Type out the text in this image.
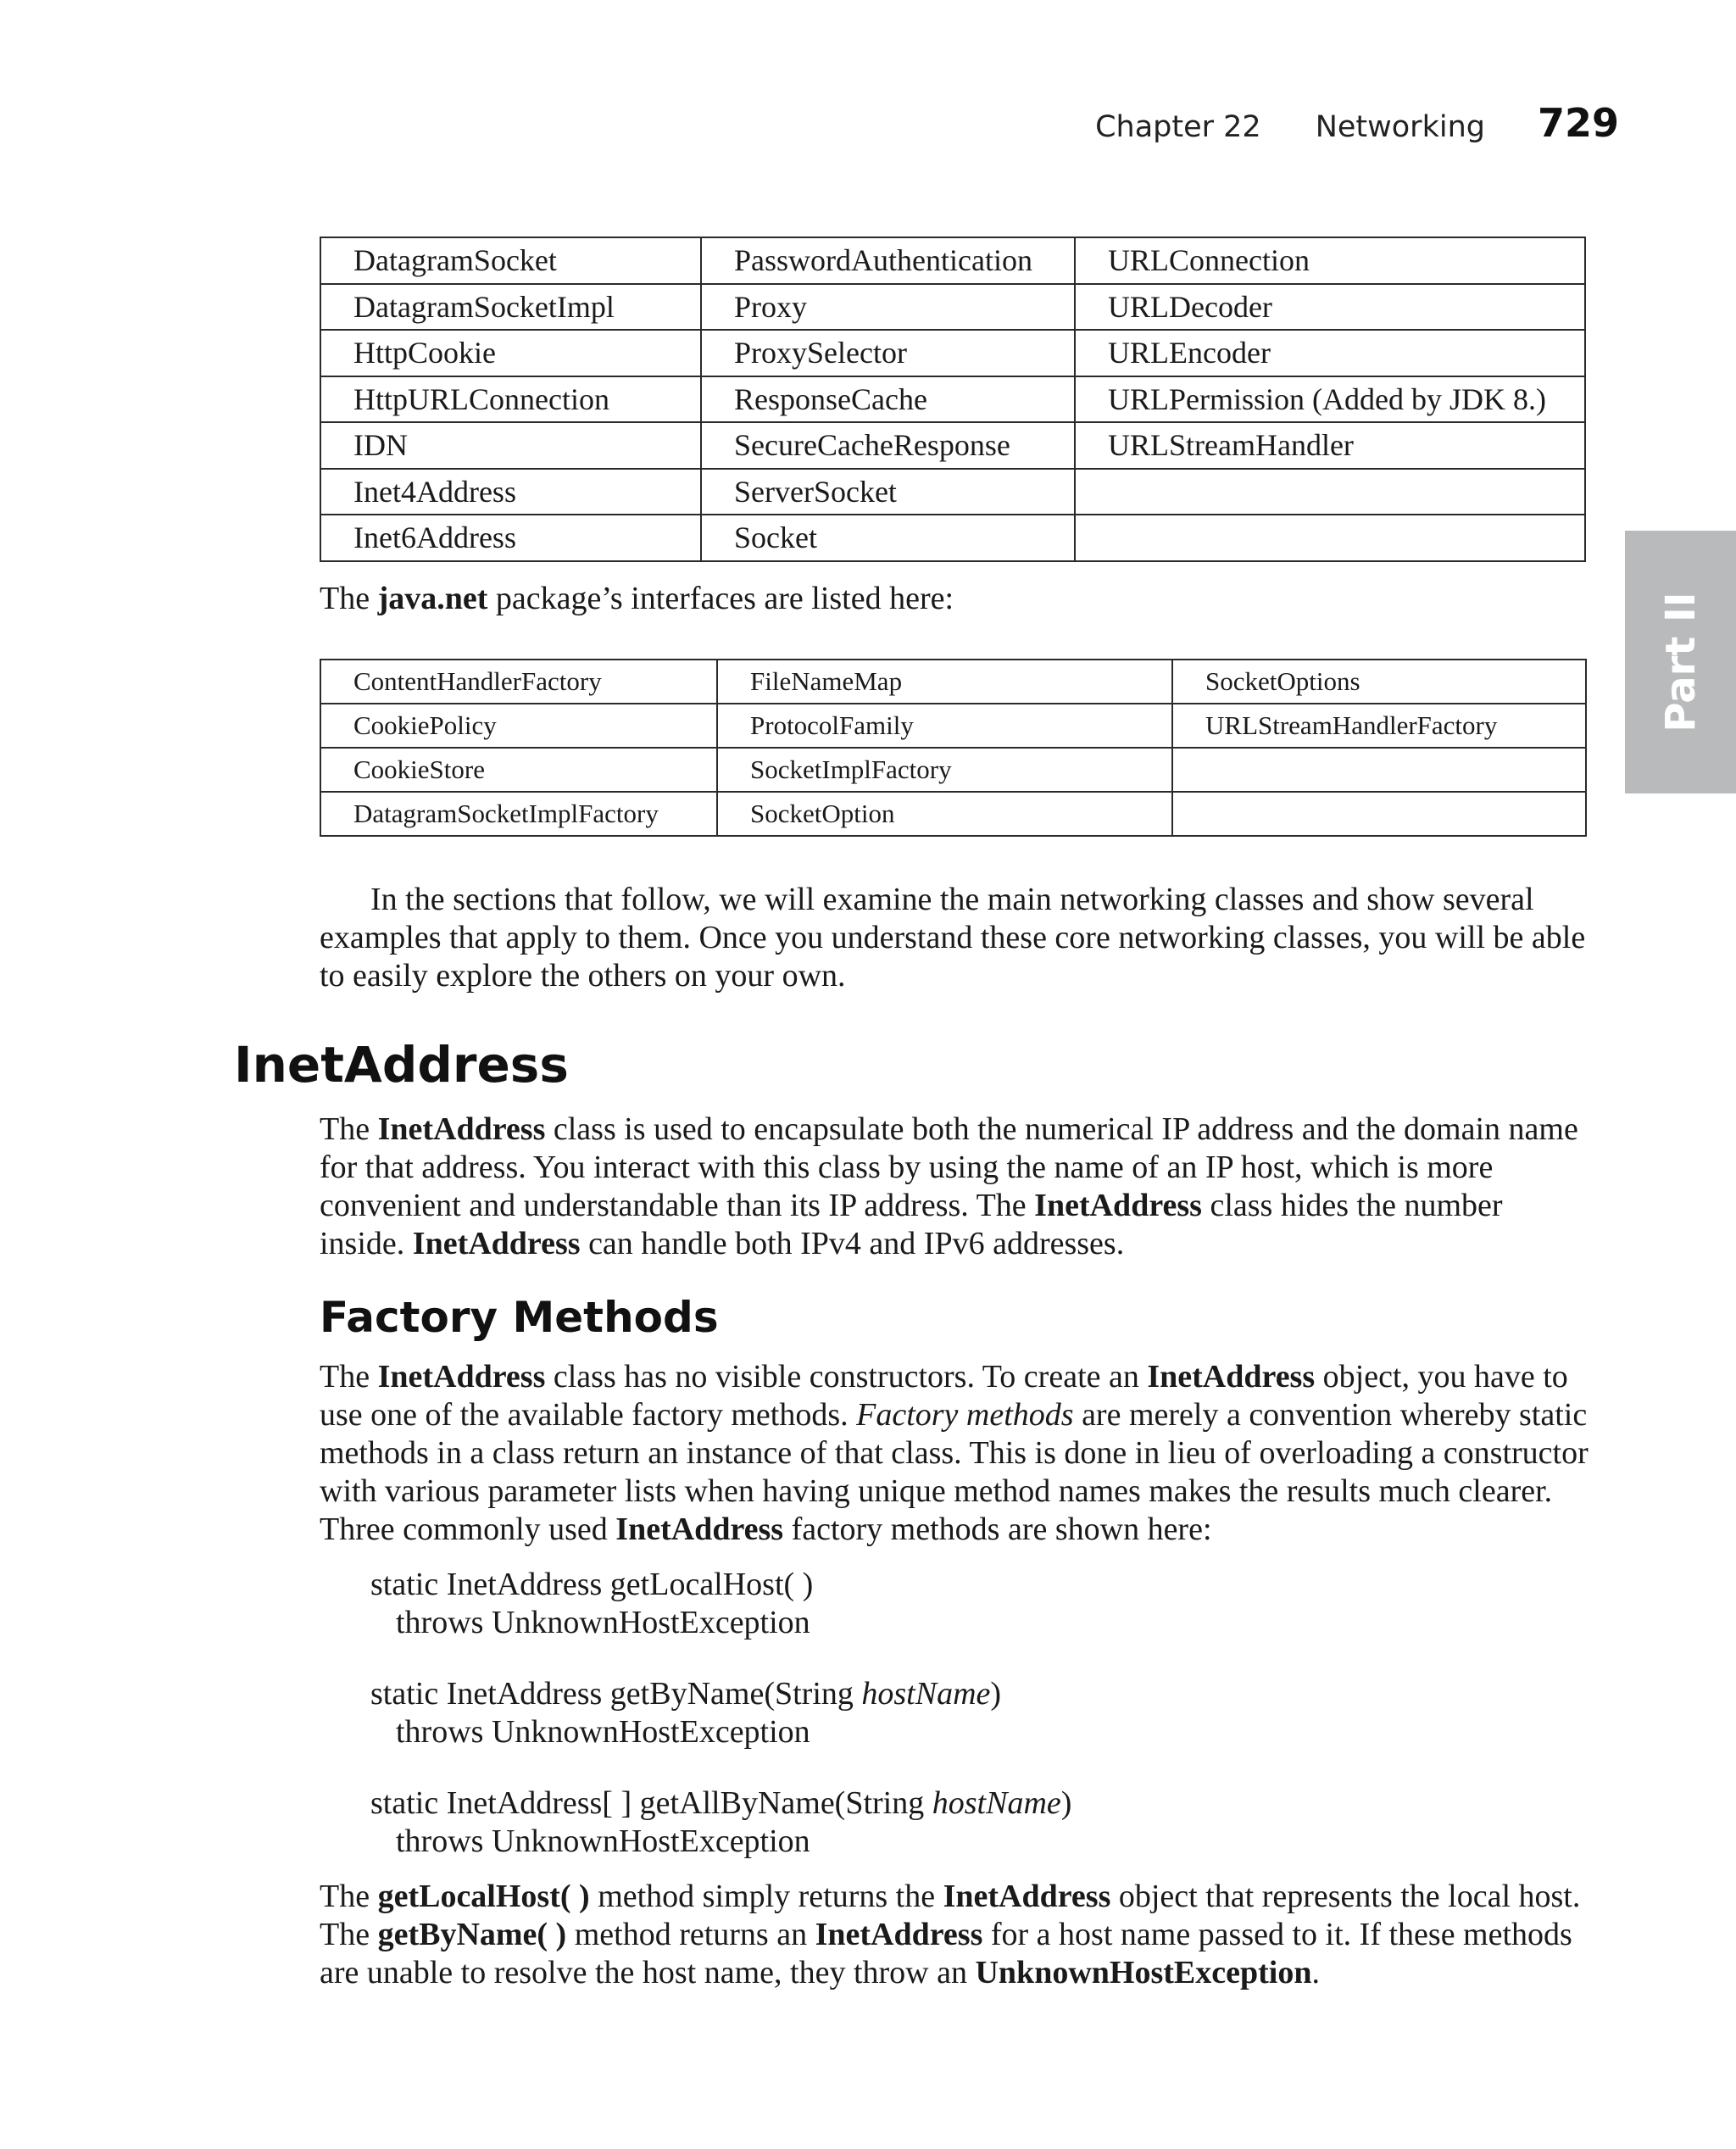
Chapter 22 Networking 729
Part II
DatagramSocket	PasswordAuthentication	URLConnection
DatagramSocketImpl	Proxy	URLDecoder
HttpCookie	ProxySelector	URLEncoder
HttpURLConnection	ResponseCache	URLPermission (Added by JDK 8.)
IDN	SecureCacheResponse	URLStreamHandler
Inet4Address	ServerSocket	
Inet6Address	Socket	

The java.net package’s interfaces are listed here:

ContentHandlerFactory	FileNameMap	SocketOptions
CookiePolicy	ProtocolFamily	URLStreamHandlerFactory
CookieStore	SocketImplFactory	
DatagramSocketImplFactory	SocketOption	

In the sections that follow, we will examine the main networking classes and show several examples that apply to them. Once you understand these core networking classes, you will be able to easily explore the others on your own.

InetAddress

The InetAddress class is used to encapsulate both the numerical IP address and the domain name for that address. You interact with this class by using the name of an IP host, which is more convenient and understandable than its IP address. The InetAddress class hides the number inside. InetAddress can handle both IPv4 and IPv6 addresses.

Factory Methods

The InetAddress class has no visible constructors. To create an InetAddress object, you have to use one of the available factory methods. Factory methods are merely a convention whereby static methods in a class return an instance of that class. This is done in lieu of overloading a constructor with various parameter lists when having unique method names makes the results much clearer. Three commonly used InetAddress factory methods are shown here:

static InetAddress getLocalHost( )
throws UnknownHostException
static InetAddress getByName(String hostName)
throws UnknownHostException
static InetAddress[ ] getAllByName(String hostName)
throws UnknownHostException

The getLocalHost( ) method simply returns the InetAddress object that represents the local host. The getByName( ) method returns an InetAddress for a host name passed to it. If these methods are unable to resolve the host name, they throw an UnknownHostException.
